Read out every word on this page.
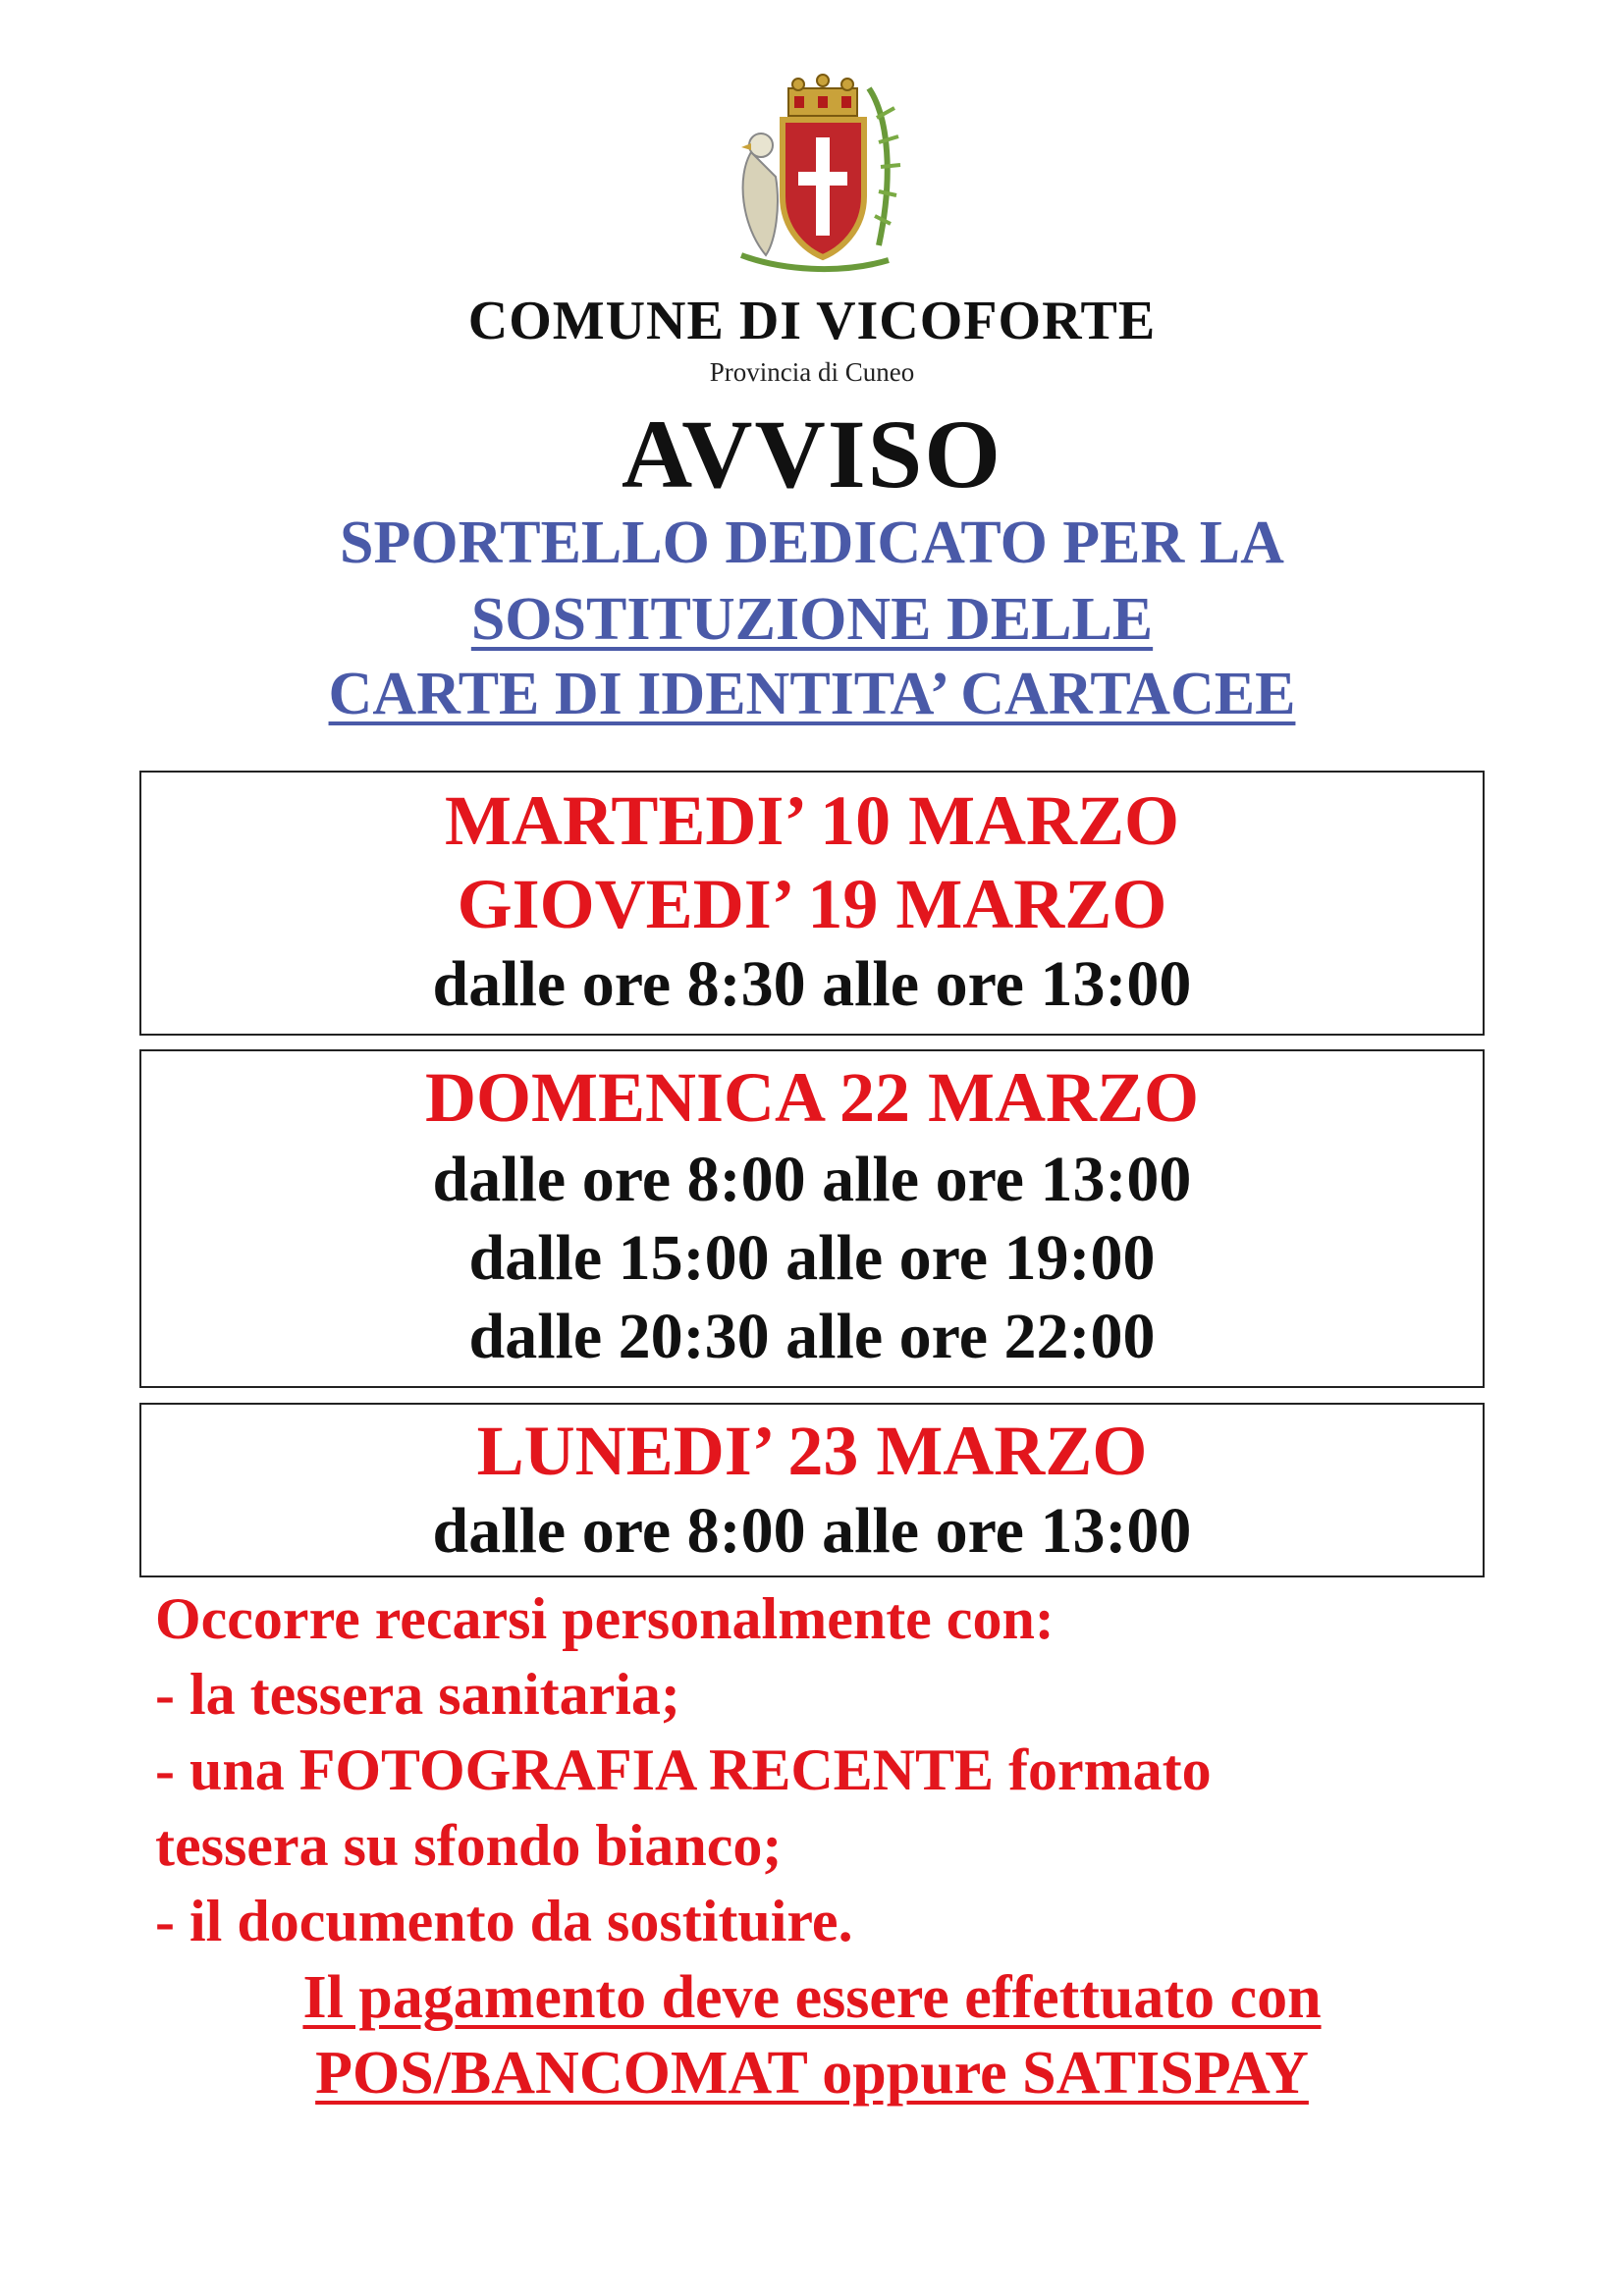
COMUNE DI VICOFORTE
Provincia di Cuneo
AVVISO
SPORTELLO DEDICATO PER LA
SOSTITUZIONE DELLE
CARTE DI IDENTITA’ CARTACEE
MARTEDI’ 10 MARZO
GIOVEDI’ 19 MARZO
dalle ore 8:30 alle ore 13:00
DOMENICA 22 MARZO
dalle ore 8:00 alle ore 13:00
dalle 15:00 alle ore 19:00
dalle 20:30 alle ore 22:00
LUNEDI’ 23 MARZO
dalle ore 8:00 alle ore 13:00
Occorre recarsi personalmente con:
- la tessera sanitaria;
- una FOTOGRAFIA RECENTE formato
tessera su sfondo bianco;
- il documento da sostituire.
Il pagamento deve essere effettuato con
POS/BANCOMAT oppure SATISPAY
